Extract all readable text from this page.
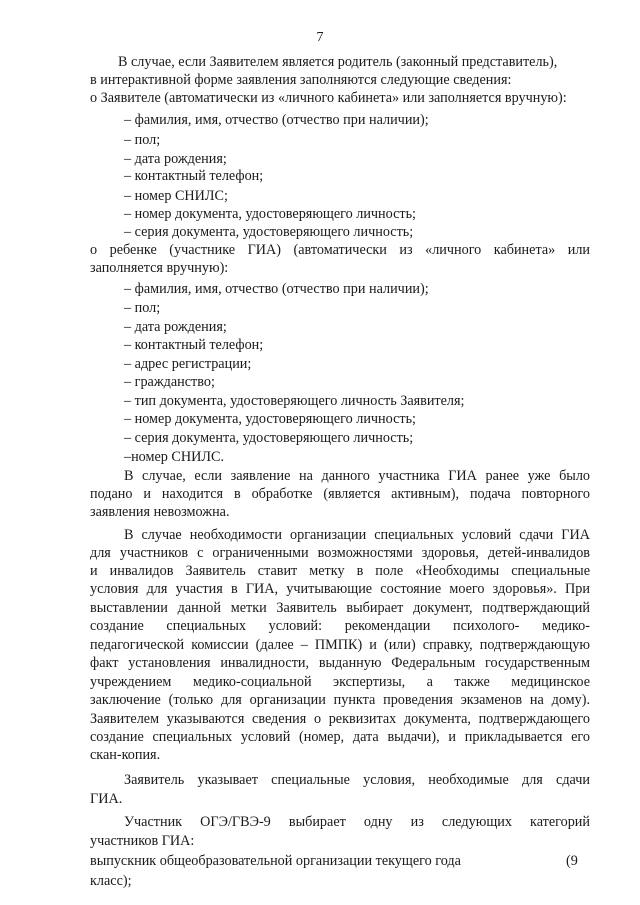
7
В случае, если Заявителем является родитель (законный представитель),
в интерактивной форме заявления заполняются следующие сведения:
о Заявителе (автоматически из «личного кабинета» или заполняется вручную):
– фамилия, имя, отчество (отчество при наличии);
– пол;
– дата рождения;
– контактный телефон;
– номер СНИЛС;
– номер документа, удостоверяющего личность;
– серия документа, удостоверяющего личность;
о ребенке (участнике ГИА) (автоматически из «личного кабинета» или
заполняется вручную):
– фамилия, имя, отчество (отчество при наличии);
– пол;
– дата рождения;
– контактный телефон;
– адрес регистрации;
– гражданство;
– тип документа, удостоверяющего личность Заявителя;
– номер документа, удостоверяющего личность;
– серия документа, удостоверяющего личность;
–номер СНИЛС.
В случае, если заявление на данного участника ГИА ранее уже было
подано и находится в обработке (является активным), подача повторного
заявления невозможна.
В случае необходимости организации специальных условий сдачи ГИА
для участников с ограниченными возможностями здоровья, детей-инвалидов
и инвалидов Заявитель ставит метку в поле «Необходимы специальные
условия для участия в ГИА, учитывающие состояние моего здоровья». При
выставлении данной метки Заявитель выбирает документ, подтверждающий
создание специальных условий: рекомендации психолого- медико-
педагогической комиссии (далее – ПМПК) и (или) справку, подтверждающую
факт установления инвалидности, выданную Федеральным государственным
учреждением медико-социальной экспертизы, а также медицинское
заключение (только для организации пункта проведения экзаменов на дому).
Заявителем указываются сведения о реквизитах документа, подтверждающего
создание специальных условий (номер, дата выдачи), и прикладывается его
скан-копия.
Заявитель указывает специальные условия, необходимые для сдачи
ГИА.
Участник ОГЭ/ГВЭ-9 выбирает одну из следующих категорий
участников ГИА:
выпускник общеобразовательной организации текущего года	(9
класс);
